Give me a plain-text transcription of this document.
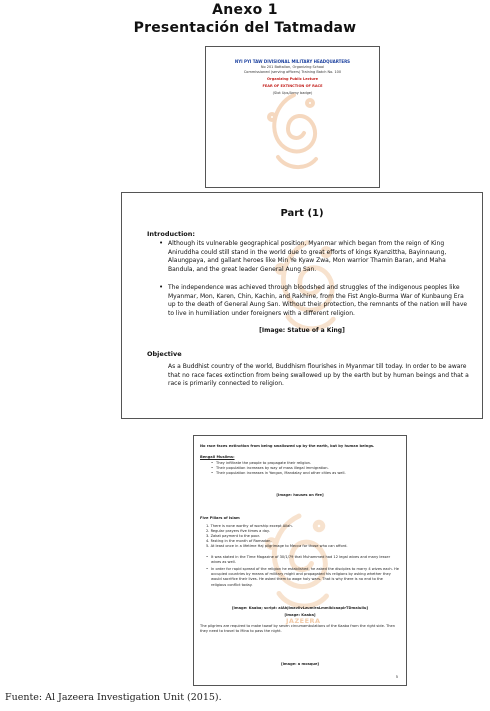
Anexo 1
Presentación del Tatmadaw
NYI PYI TAW DIVISIONAL MILITARY HEADQUARTERS
No 201 Battalion, Organizing School
Commissioned (serving officers) Training Batch No. 100
Organizing Public Lecture
FEAR OF EXTINCTION OF RACE
(Slot Ups/Army badge)
Part (1)
Introduction:
• Although its vulnerable geographical position, Myanmar which began from the reign of King Aniruddha could still stand in the world due to great efforts of kings Kyanzittha, Bayinnaung, Alaungpaya, and gallant heroes like Min Ye Kyaw Zwa, Mon warrior Thamin Baran, and Maha Bandula, and the great leader General Aung San.
• The independence was achieved through bloodshed and struggles of the indigenous peoples like Myanmar, Mon, Karen, Chin, Kachin, and Rakhine, from the Fist Anglo-Burma War of Kunbaung Era up to the death of General Aung San. Without their protection, the remnants of the nation will have to live in humiliation under foreigners with a different religion.
[Image: Statue of a King]
Objective
As a Buddhist country of the world, Buddhism flourishes in Myanmar till today. In order to be aware that no race faces extinction from being swallowed up by the earth but by human beings and that a race is primarily connected to religion.
JAZEERA
No race faces extinction from being swallowed up by the earth, but by human beings.
Bengali Muslims:
They infiltrate the people to propagate their religion.
Their population increases by way of mass illegal immigration.
Their population increases in Yangon, Mandalay and other cities as well.
•
•
•
[Image: houses on fire]
Five Pillars of Islam
1. There is none worthy of worship except Allah.
2. Regular prayers five times a day.
3. Zakat payment to the poor.
4. Fasting in the month of Ramadan.
5. At least once in a lifetime Haj pilgrimage to Mecca for those who can afford.
• It was stated in the Time Magazine of 30/1/79 that Muhammed had 12 legal wives and many lesser wives as well.
• In order for rapid spread of the religion he established, he asked the disciples to marry 4 wives each. He occupied countries by means of military might and propagated his religions by asking whether they would sacrifice their lives. He asked them to wage holy wars. That is why there is no end to the religious conflict today.
[Image: Kaaba; script: alAhJiwaviivLzumiraLmmiklcaapirTDmaiuiiu]
[Image: Kaaba]
The pilgrims are required to make tawaf by seven circumambulations of the Kaaba from the right side. Then they need to travel to Mina to pass the night.
[Image: a mosque]
5
Fuente: Al Jazeera Investigation Unit (2015).
